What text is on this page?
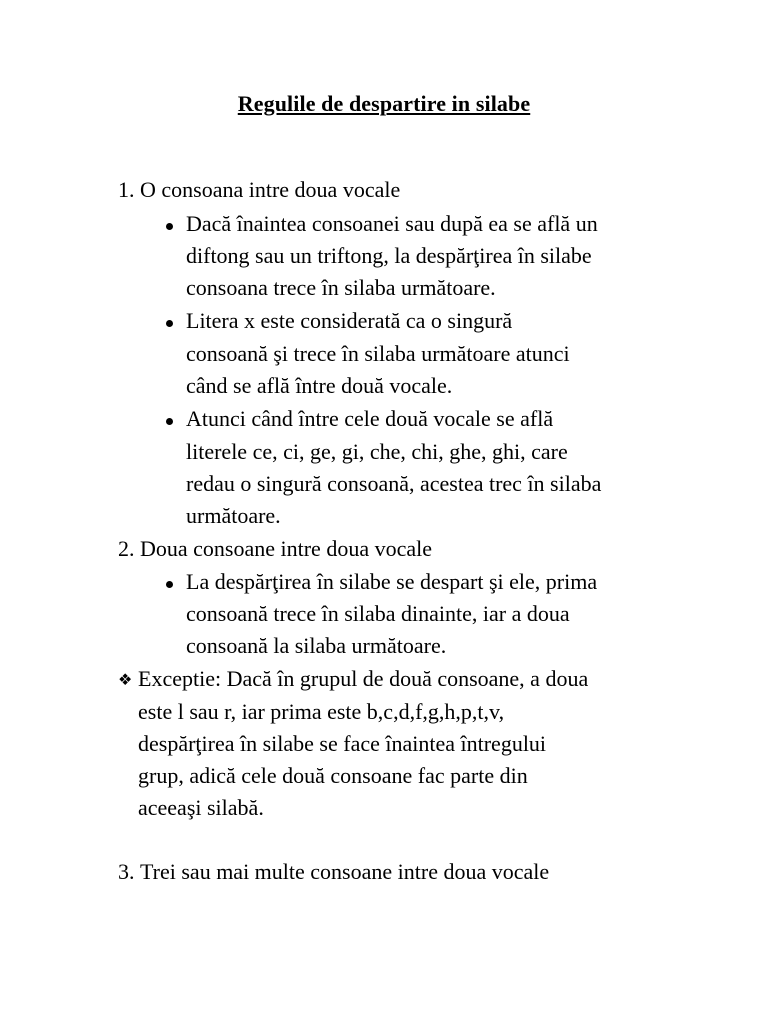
Regulile de despartire in silabe
1. O consoana intre doua vocale
Dacă înaintea consoanei sau după ea se află un
diftong sau un triftong, la despărţirea în silabe
consoana trece în silaba următoare.
Litera x este considerată ca o singură
consoană şi trece în silaba următoare atunci
când se află între două vocale.
Atunci când între cele două vocale se află
literele ce, ci, ge, gi, che, chi, ghe, ghi, care
redau o singură consoană, acestea trec în silaba
următoare.
2. Doua consoane intre doua vocale
La despărţirea în silabe se despart şi ele, prima
consoană trece în silaba dinainte, iar a doua
consoană la silaba următoare.
❖ Exceptie: Dacă în grupul de două consoane, a doua
este l sau r, iar prima este b,c,d,f,g,h,p,t,v,
despărţirea în silabe se face înaintea întregului
grup, adică cele două consoane fac parte din
aceeaşi silabă.
3. Trei sau mai multe consoane intre doua vocale
